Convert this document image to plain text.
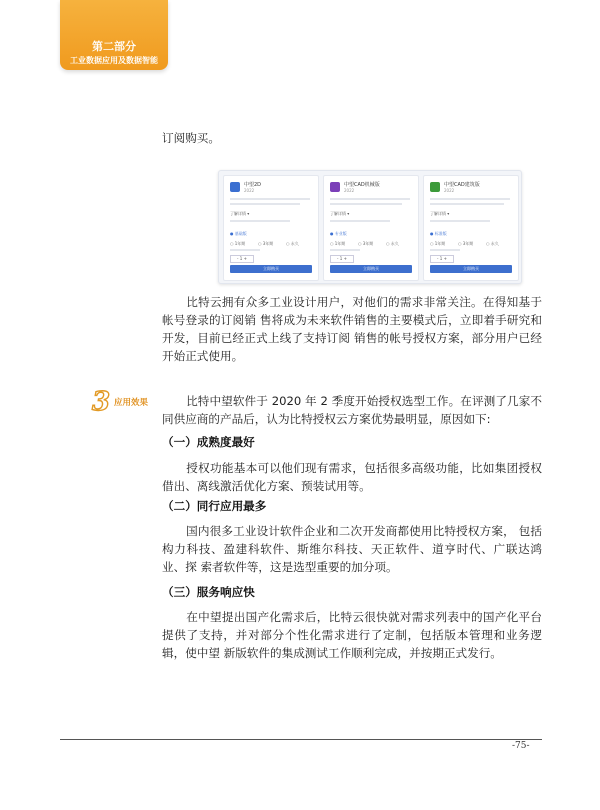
第二部分
工业数据应用及数据智能

订阅购买。

中望2D
2022
了解详情 ▾
● 基础版
○ 1年期	○ 3年期	○ 永久
- 1 +
立即购买
中望CAD机械版
2022
了解详情 ▾
● 专业版
○ 1年期	○ 3年期	○ 永久
- 1 +
立即购买
中望CAD建筑版
2022
了解详情 ▾
● 标准版
○ 1年期	○ 3年期	○ 永久
- 1 +
立即购买

比特云拥有众多工业设计用户，对他们的需求非常关注。在得知基于帐号登录的订阅销 售将成为未来软件销售的主要模式后，立即着手研究和开发，目前已经正式上线了支持订阅 销售的帐号授权方案，部分用户已经开始正式使用。

3 应用效果	比特中望软件于 2020 年 2 季度开始授权选型工作。在评测了几家不同供应商的产品后，认为比特授权云方案优势最明显，原因如下:

（一）成熟度最好

授权功能基本可以他们现有需求，包括很多高级功能，比如集团授权 借出、离线激活优化方案、预装试用等。

（二）同行应用最多

国内很多工业设计软件企业和二次开发商都使用比特授权方案， 包括构力科技、盈建科软件、斯维尔科技、天正软件、道亨时代、广联达鸿业、探 索者软件等，这是选型重要的加分项。

（三）服务响应快

在中望提出国产化需求后，比特云很快就对需求列表中的国产化平台 提供了支持，并对部分个性化需求进行了定制，包括版本管理和业务逻辑，使中望 新版软件的集成测试工作顺利完成，并按期正式发行。

-75-
